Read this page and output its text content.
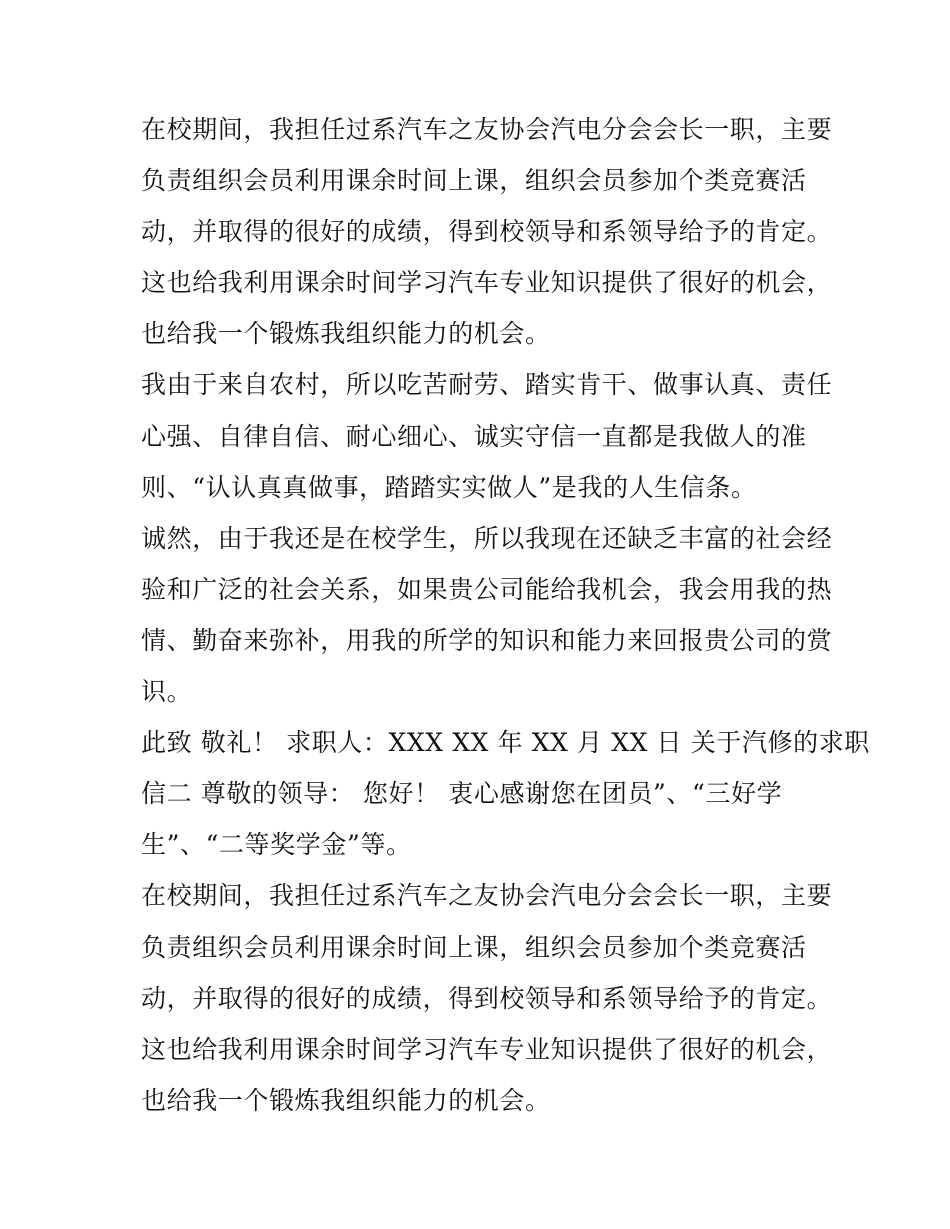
在校期间，我担任过系汽车之友协会汽电分会会长一职，主要
负责组织会员利用课余时间上课，组织会员参加个类竞赛活
动，并取得的很好的成绩，得到校领导和系领导给予的肯定。
这也给我利用课余时间学习汽车专业知识提供了很好的机会，
也给我一个锻炼我组织能力的机会。
我由于来自农村，所以吃苦耐劳、踏实肯干、做事认真、责任
心强、自律自信、耐心细心、诚实守信一直都是我做人的准
则、“认认真真做事，踏踏实实做人”是我的人生信条。
诚然，由于我还是在校学生，所以我现在还缺乏丰富的社会经
验和广泛的社会关系，如果贵公司能给我机会，我会用我的热
情、勤奋来弥补，用我的所学的知识和能力来回报贵公司的赏
识。
此致 敬礼！ 求职人：XXX XX 年 XX 月 XX 日 关于汽修的求职
信二 尊敬的领导： 您好！ 衷心感谢您在团员”、“三好学
生”、“二等奖学金”等。
在校期间，我担任过系汽车之友协会汽电分会会长一职，主要
负责组织会员利用课余时间上课，组织会员参加个类竞赛活
动，并取得的很好的成绩，得到校领导和系领导给予的肯定。
这也给我利用课余时间学习汽车专业知识提供了很好的机会，
也给我一个锻炼我组织能力的机会。
